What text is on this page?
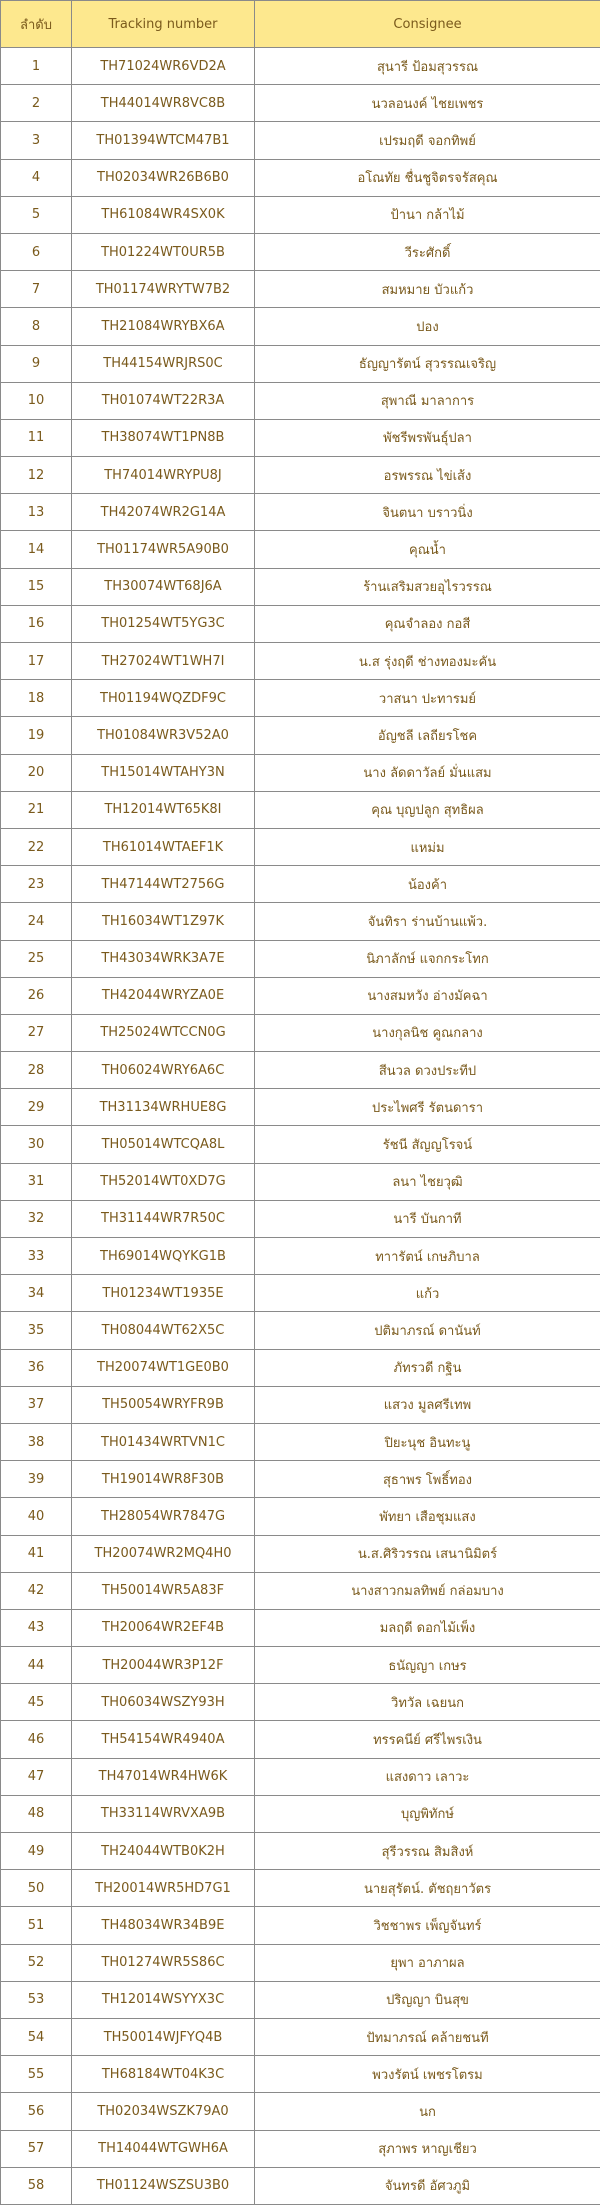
ลำดับ	Tracking number	Consignee
1	TH71024WR6VD2A	สุนารี ป้อมสุวรรณ
2	TH44014WR8VC8B	นวลอนงค์ ไชยเพชร
3	TH01394WTCM47B1	เปรมฤดี จอกทิพย์
4	TH02034WR26B6B0	อโณทัย ชื่นชูจิตรจรัสคุณ
5	TH61084WR4SX0K	ป้านา กล้าไม้
6	TH01224WT0UR5B	วีระศักดิ์
7	TH01174WRYTW7B2	สมหมาย บัวแก้ว
8	TH21084WRYBX6A	ปอง
9	TH44154WRJRS0C	ธัญญารัตน์ สุวรรณเจริญ
10	TH01074WT22R3A	สุพาณี มาลาการ
11	TH38074WT1PN8B	พัชรีพรพันธุ์ปลา
12	TH74014WRYPU8J	อรพรรณ ไข่เส้ง
13	TH42074WR2G14A	จินตนา บราวนิ่ง
14	TH01174WR5A90B0	คุณน้ำ
15	TH30074WT68J6A	ร้านเสริมสวยอุไรวรรณ
16	TH01254WT5YG3C	คุณจำลอง กอสี
17	TH27024WT1WH7I	น.ส รุ่งฤดี ช่างทองมะคัน
18	TH01194WQZDF9C	วาสนา ปะทารมย์
19	TH01084WR3V52A0	อัญชลี เลถียรโชค
20	TH15014WTAHY3N	นาง ลัดดาวัลย์ มั่นแสม
21	TH12014WT65K8I	คุณ บุญปลูก สุทธิผล
22	TH61014WTAEF1K	แหม่ม
23	TH47144WT2756G	น้องค้า
24	TH16034WT1Z97K	จันทิรา ร่านบ้านแพ้ว.
25	TH43034WRK3A7E	นิภาลักษ์ แจกกระโทก
26	TH42044WRYZA0E	นางสมหวัง อ่างมัคฉา
27	TH25024WTCCN0G	นางกุลนิช คูณกลาง
28	TH06024WRY6A6C	สีนวล ดวงประทีป
29	TH31134WRHUE8G	ประไพศรี รัตนดารา
30	TH05014WTCQA8L	รัชนี สัญญโรจน์
31	TH52014WT0XD7G	ลนา ไชยวุฒิ
32	TH31144WR7R50C	นารี บันกาที
33	TH69014WQYKG1B	ทาารัตน์ เกษภิบาล
34	TH01234WT1935E	แก้ว
35	TH08044WT62X5C	ปติมาภรณ์ ดานันท์
36	TH20074WT1GE0B0	ภัทรวดี กฐิน
37	TH50054WRYFR9B	แสวง มูลศรีเทพ
38	TH01434WRTVN1C	ปิยะนุช อินทะนู
39	TH19014WR8F30B	สุธาพร โพธิ์ทอง
40	TH28054WR7847G	พัทยา เสือชุมแสง
41	TH20074WR2MQ4H0	น.ส.ศิริวรรณ เสนานิมิตร์
42	TH50014WR5A83F	นางสาวกมลทิพย์ กล่อมบาง
43	TH20064WR2EF4B	มลฤดี ดอกไม้เพ็ง
44	TH20044WR3P12F	ธนัญญา เกษร
45	TH06034WSZY93H	วิทวัล เฉยนก
46	TH54154WR4940A	ทรรคนีย์ ศรีไพรเงิน
47	TH47014WR4HW6K	แสงดาว เลาวะ
48	TH33114WRVXA9B	บุญพิทักษ์
49	TH24044WTB0K2H	สุรีวรรณ สิมสิงห์
50	TH20014WR5HD7G1	นายสุรัตน์. ตัชฤยาวัตร
51	TH48034WR34B9E	วิชชาพร เพ็ญจันทร์
52	TH01274WR5S86C	ยุพา อาภาผล
53	TH12014WSYYX3C	ปริญญา บินสุข
54	TH50014WJFYQ4B	ปัทมาภรณ์ คล้ายชนที
55	TH68184WT04K3C	พวงรัตน์ เพชรโตรม
56	TH02034WSZK79A0	นก
57	TH14044WTGWH6A	สุภาพร หาญเชียว
58	TH01124WSZSU3B0	จันทรดี อัศวภูมิ
